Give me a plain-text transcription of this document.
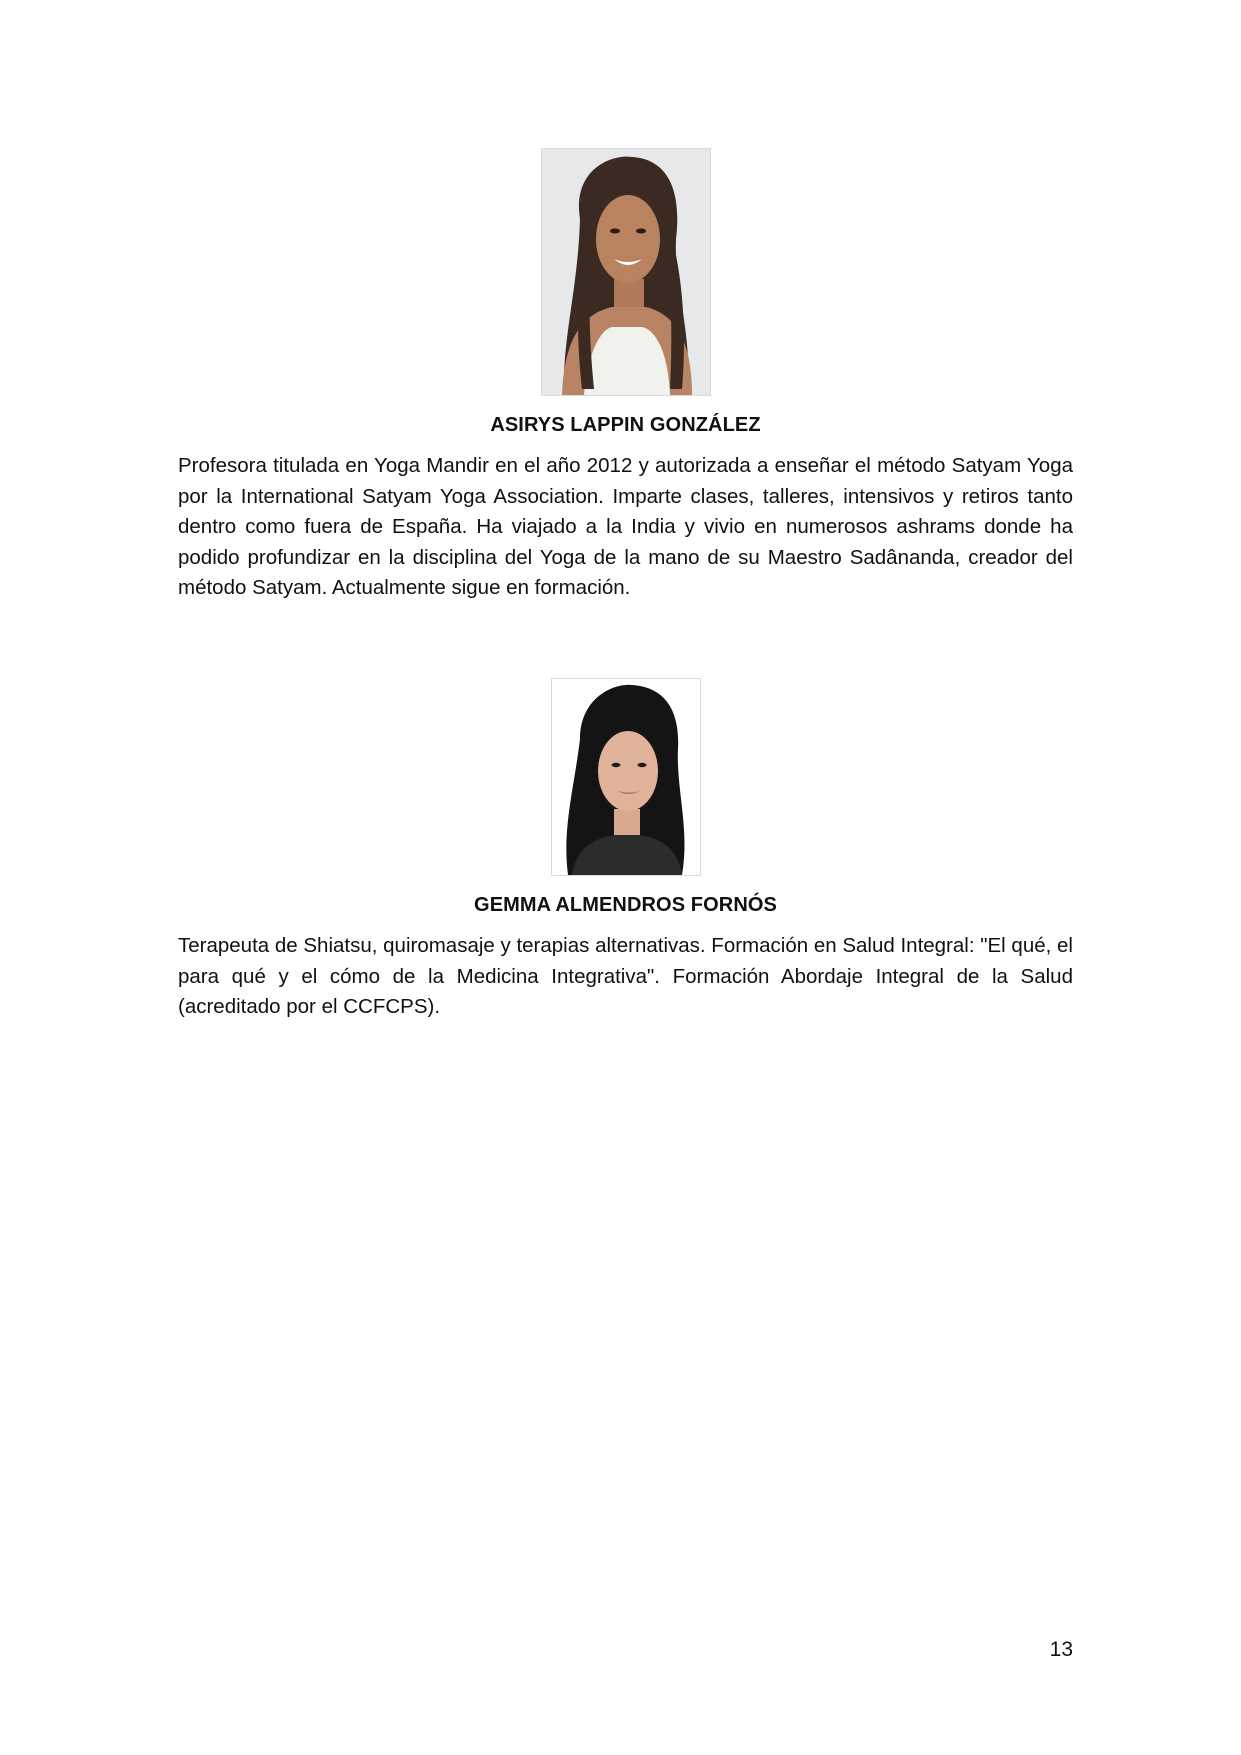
ASIRYS LAPPIN GONZÁLEZ

Profesora titulada en Yoga Mandir en el año 2012 y autorizada a enseñar el método Satyam Yoga por la International Satyam Yoga Association. Imparte clases, talleres, intensivos y retiros tanto dentro como fuera de España. Ha viajado a la India y vivio en numerosos ashrams donde ha podido profundizar en la disciplina del Yoga de la mano de su Maestro Sadânanda, creador del método Satyam. Actualmente sigue en formación.

GEMMA ALMENDROS FORNÓS

Terapeuta de Shiatsu, quiromasaje y terapias alternativas. Formación en Salud Integral: "El qué, el para qué y el cómo de la Medicina Integrativa". Formación Abordaje Integral de la Salud (acreditado por el CCFCPS).

13
